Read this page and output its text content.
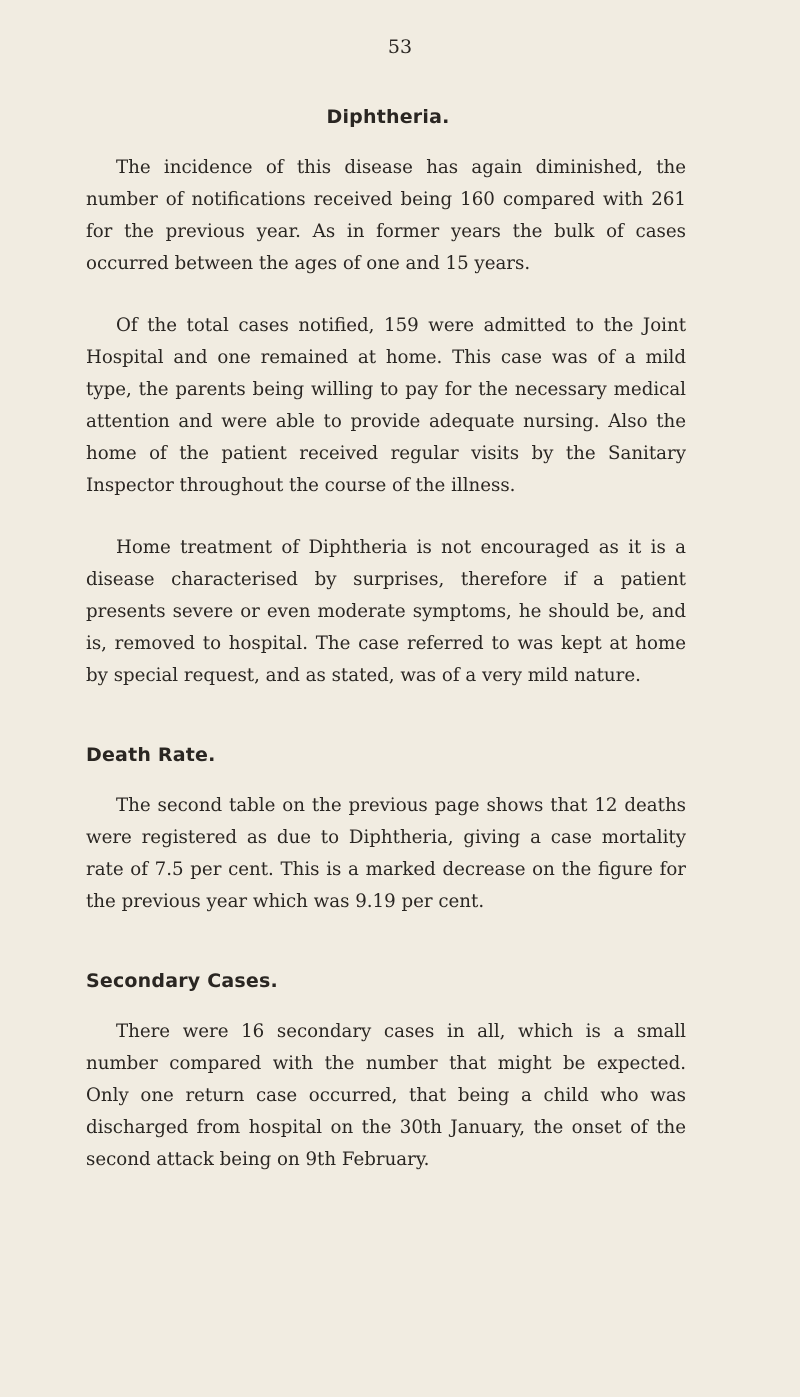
53
Diphtheria.

The incidence of this disease has again diminished, the number of notifications received being 160 compared with 261 for the previous year. As in former years the bulk of cases occurred between the ages of one and 15 years.

Of the total cases notified, 159 were admitted to the Joint Hospital and one remained at home. This case was of a mild type, the parents being willing to pay for the necessary medical attention and were able to provide adequate nursing. Also the home of the patient received regular visits by the Sanitary Inspector throughout the course of the illness.

Home treatment of Diphtheria is not encouraged as it is a disease characterised by surprises, therefore if a patient presents severe or even moderate symptoms, he should be, and is, removed to hospital. The case referred to was kept at home by special request, and as stated, was of a very mild nature.

Death Rate.

The second table on the previous page shows that 12 deaths were registered as due to Diphtheria, giving a case mortality rate of 7.5 per cent. This is a marked decrease on the figure for the previous year which was 9.19 per cent.

Secondary Cases.

There were 16 secondary cases in all, which is a small number compared with the number that might be expected. Only one return case occurred, that being a child who was discharged from hospital on the 30th January, the onset of the second attack being on 9th February.
